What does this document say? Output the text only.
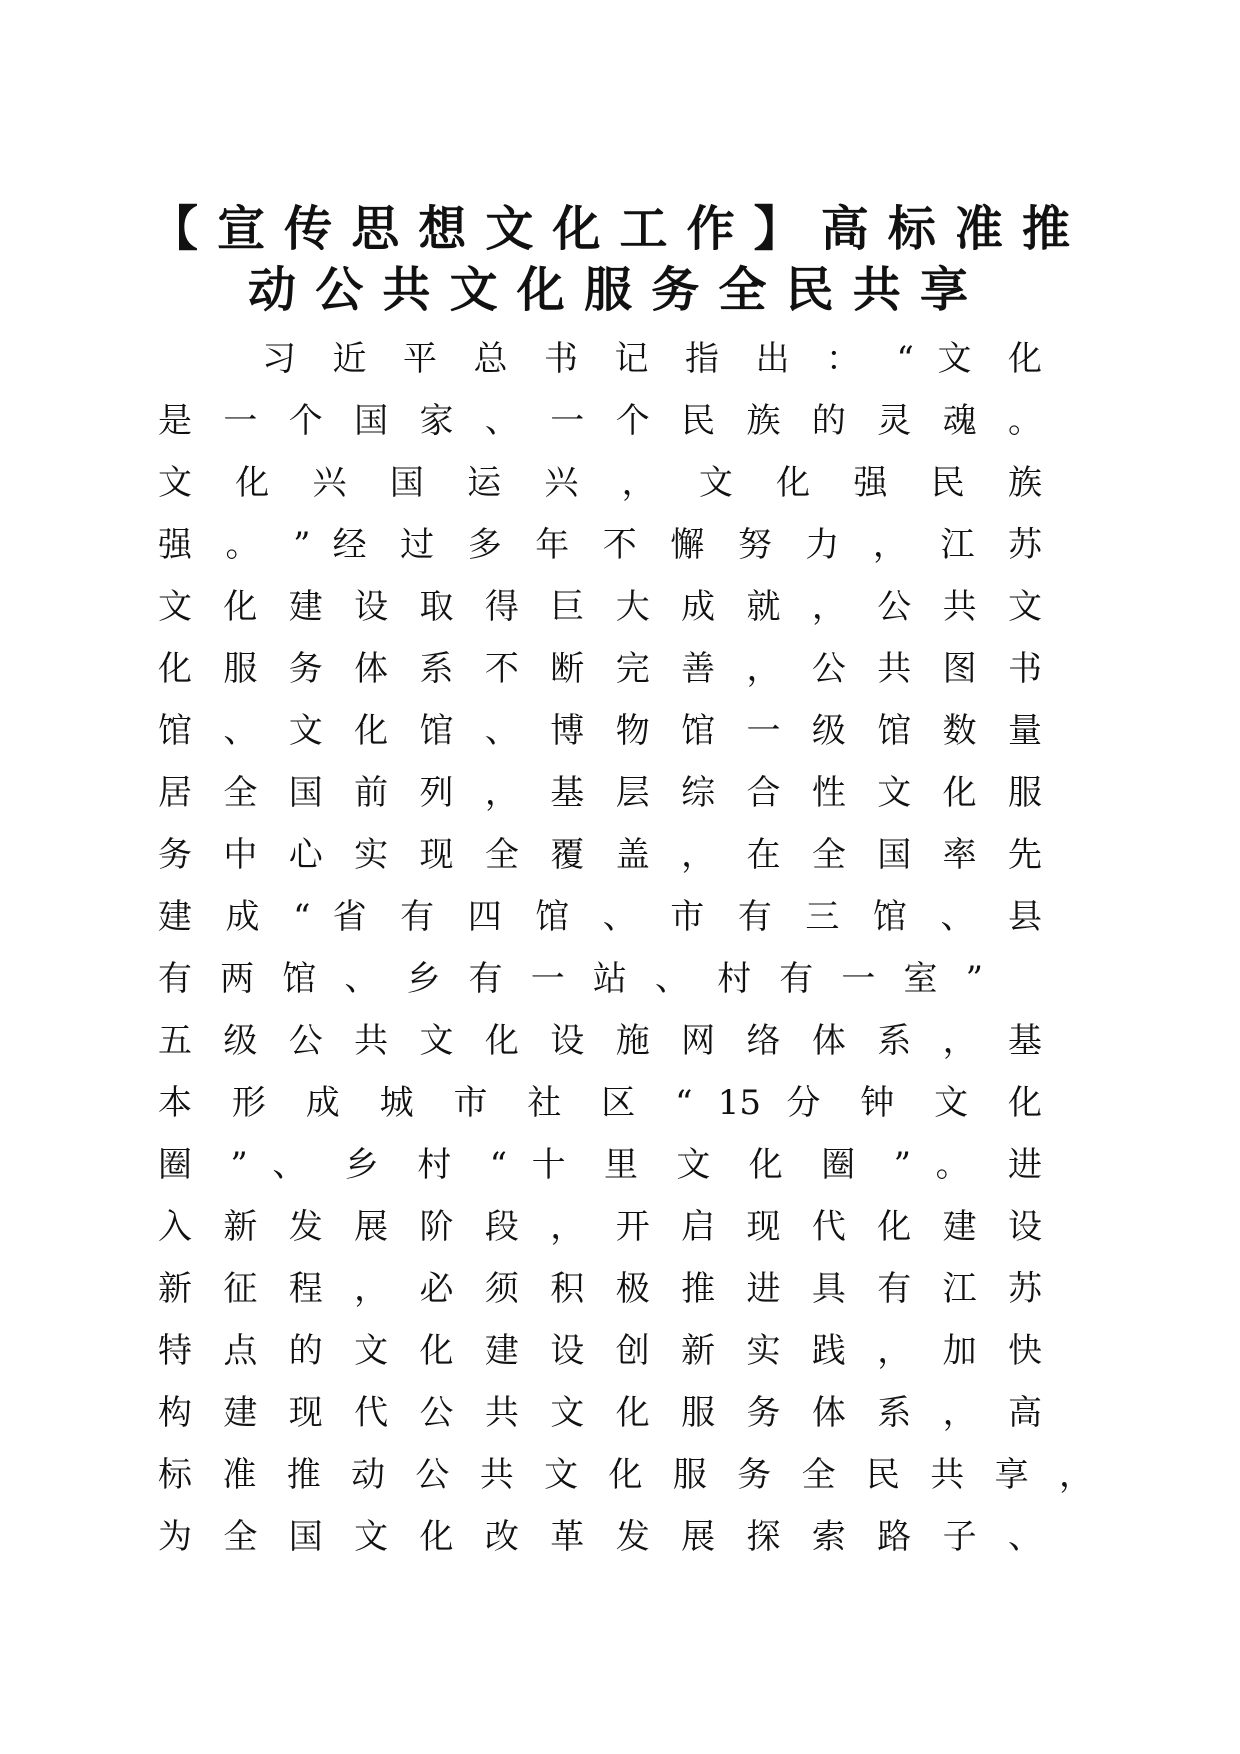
【宣传思想文化工作】高标准推
动公共文化服务全民共享

习 近 平 总 书 记 指 出 ： “ 文 化

是 一 个 国 家 、 一 个 民 族 的 灵 魂 。

文 化 兴 国 运 兴 ， 文 化 强 民 族

强 。 ” 经 过 多 年 不 懈 努 力 ， 江 苏

文 化 建 设 取 得 巨 大 成 就 ， 公 共 文

化 服 务 体 系 不 断 完 善 ， 公 共 图 书

馆 、 文 化 馆 、 博 物 馆 一 级 馆 数 量

居 全 国 前 列 ， 基 层 综 合 性 文 化 服

务 中 心 实 现 全 覆 盖 ， 在 全 国 率 先

建 成 “ 省 有 四 馆 、 市 有 三 馆 、 县

有 两 馆 、 乡 有 一 站 、 村 有 一 室 ”

五 级 公 共 文 化 设 施 网 络 体 系 ， 基

本 形 成 城 市 社 区 “ 15 分 钟 文 化

圈 ” 、 乡 村 “ 十 里 文 化 圈 ” 。 进

入 新 发 展 阶 段 ， 开 启 现 代 化 建 设

新 征 程 ， 必 须 积 极 推 进 具 有 江 苏

特 点 的 文 化 建 设 创 新 实 践 ， 加 快

构 建 现 代 公 共 文 化 服 务 体 系 ， 高

标 准 推 动 公 共 文 化 服 务 全 民 共 享 ，

为 全 国 文 化 改 革 发 展 探 索 路 子 、
